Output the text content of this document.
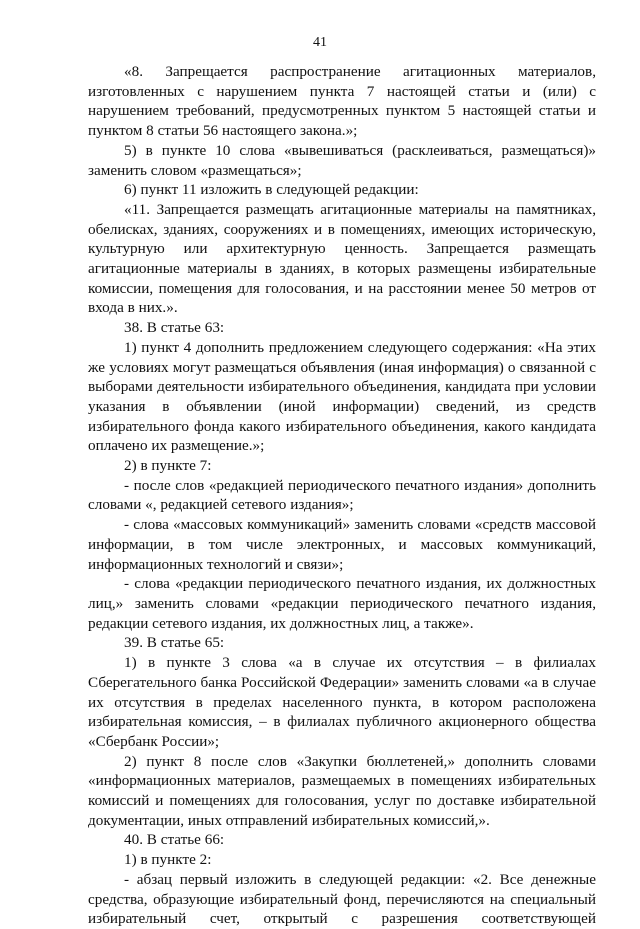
41

«8. Запрещается распространение агитационных материалов, изготовленных с нарушением пункта 7 настоящей статьи и (или) с нарушением требований, предусмотренных пунктом 5 настоящей статьи и пунктом 8 статьи 56 настоящего закона.»;

5) в пункте 10 слова «вывешиваться (расклеиваться, размещаться)» заменить словом «размещаться»;

6) пункт 11 изложить в следующей редакции:

«11. Запрещается размещать агитационные материалы на памятниках, обелисках, зданиях, сооружениях и в помещениях, имеющих историческую, культурную или архитектурную ценность. Запрещается размещать агитационные материалы в зданиях, в которых размещены избирательные комиссии, помещения для голосования, и на расстоянии менее 50 метров от входа в них.».

38. В статье 63:

1) пункт 4 дополнить предложением следующего содержания: «На этих же условиях могут размещаться объявления (иная информация) о связанной с выборами деятельности избирательного объединения, кандидата при условии указания в объявлении (иной информации) сведений, из средств избирательного фонда какого избирательного объединения, какого кандидата оплачено их размещение.»;

2) в пункте 7:

- после слов «редакцией периодического печатного издания» дополнить словами «, редакцией сетевого издания»;

- слова «массовых коммуникаций» заменить словами «средств массовой информации, в том числе электронных, и массовых коммуникаций, информационных технологий и связи»;

- слова «редакции периодического печатного издания, их должностных лиц,» заменить словами «редакции периодического печатного издания, редакции сетевого издания, их должностных лиц, а также».

39. В статье 65:

1) в пункте 3 слова «а в случае их отсутствия – в филиалах Сберегательного банка Российской Федерации» заменить словами «а в случае их отсутствия в пределах населенного пункта, в котором расположена избирательная комиссия, – в филиалах публичного акционерного общества «Сбербанк России»;

2) пункт 8 после слов «Закупки бюллетеней,» дополнить словами «информационных материалов, размещаемых в помещениях избирательных комиссий и помещениях для голосования, услуг по доставке избирательной документации, иных отправлений избирательных комиссий,».

40. В статье 66:

1) в пункте 2:

- абзац первый изложить в следующей редакции: «2. Все денежные средства, образующие избирательный фонд, перечисляются на специальный избирательный счет, открытый с разрешения соответствующей
